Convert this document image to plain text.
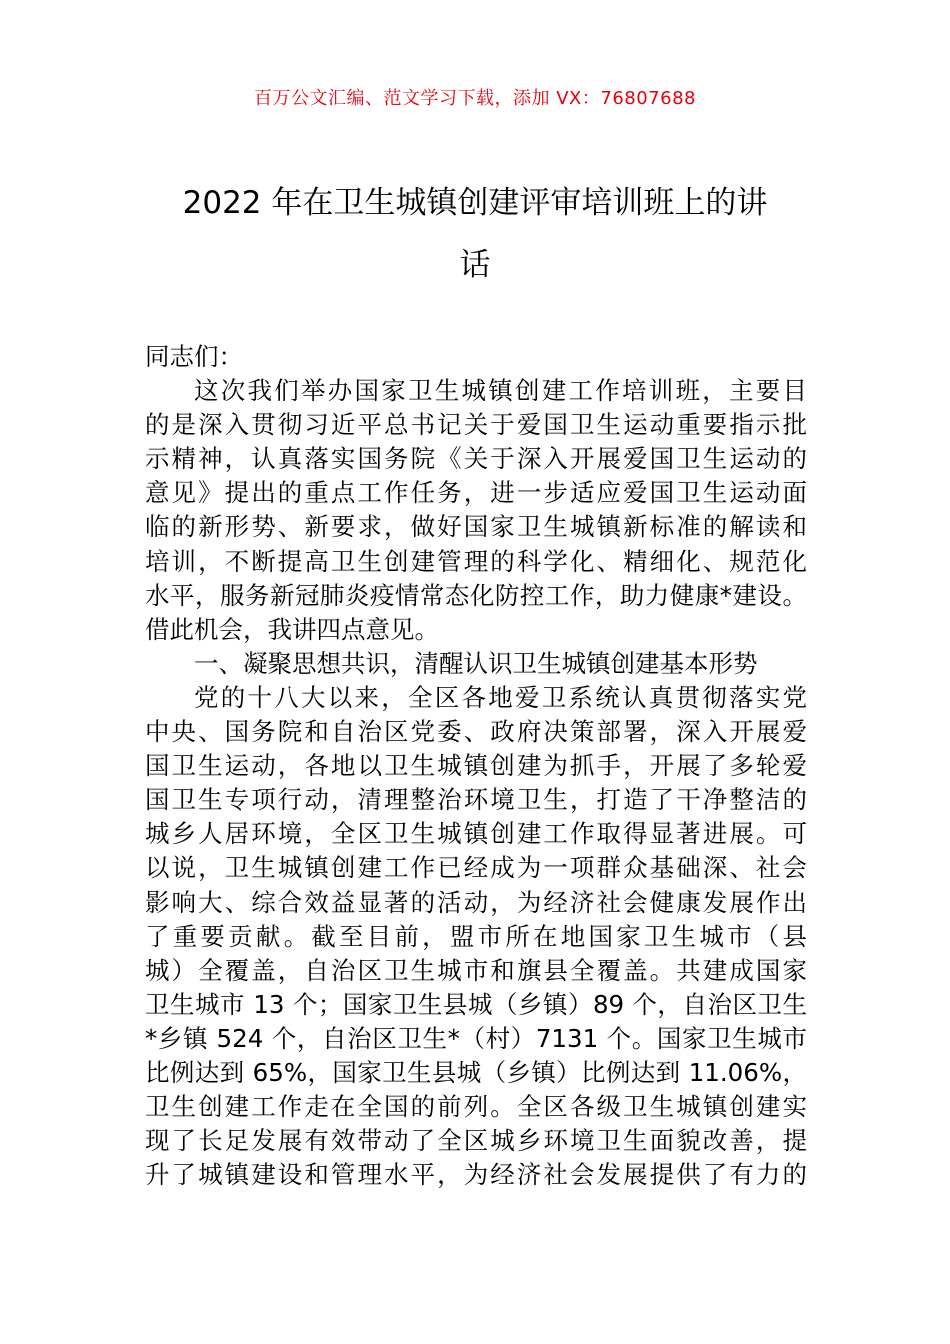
百万公文汇编、范文学习下载，添加 VX：76807688
2022 年在卫生城镇创建评审培训班上的讲
话
同志们：
这次我们举办国家卫生城镇创建工作培训班，主要目
的是深入贯彻习近平总书记关于爱国卫生运动重要指示批
示精神，认真落实国务院《关于深入开展爱国卫生运动的
意见》提出的重点工作任务，进一步适应爱国卫生运动面
临的新形势、新要求，做好国家卫生城镇新标准的解读和
培训，不断提高卫生创建管理的科学化、精细化、规范化
水平，服务新冠肺炎疫情常态化防控工作，助力健康*建设。
借此机会，我讲四点意见。
一、凝聚思想共识，清醒认识卫生城镇创建基本形势
党的十八大以来，全区各地爱卫系统认真贯彻落实党
中央、国务院和自治区党委、政府决策部署，深入开展爱
国卫生运动，各地以卫生城镇创建为抓手，开展了多轮爱
国卫生专项行动，清理整治环境卫生，打造了干净整洁的
城乡人居环境，全区卫生城镇创建工作取得显著进展。可
以说，卫生城镇创建工作已经成为一项群众基础深、社会
影响大、综合效益显著的活动，为经济社会健康发展作出
了重要贡献。截至目前，盟市所在地国家卫生城市（县
城）全覆盖，自治区卫生城市和旗县全覆盖。共建成国家
卫生城市 13 个；国家卫生县城（乡镇）89 个，自治区卫生
*乡镇 524 个，自治区卫生*（村）7131 个。国家卫生城市
比例达到 65%，国家卫生县城（乡镇）比例达到 11.06%，
卫生创建工作走在全国的前列。全区各级卫生城镇创建实
现了长足发展有效带动了全区城乡环境卫生面貌改善，提
升了城镇建设和管理水平，为经济社会发展提供了有力的
